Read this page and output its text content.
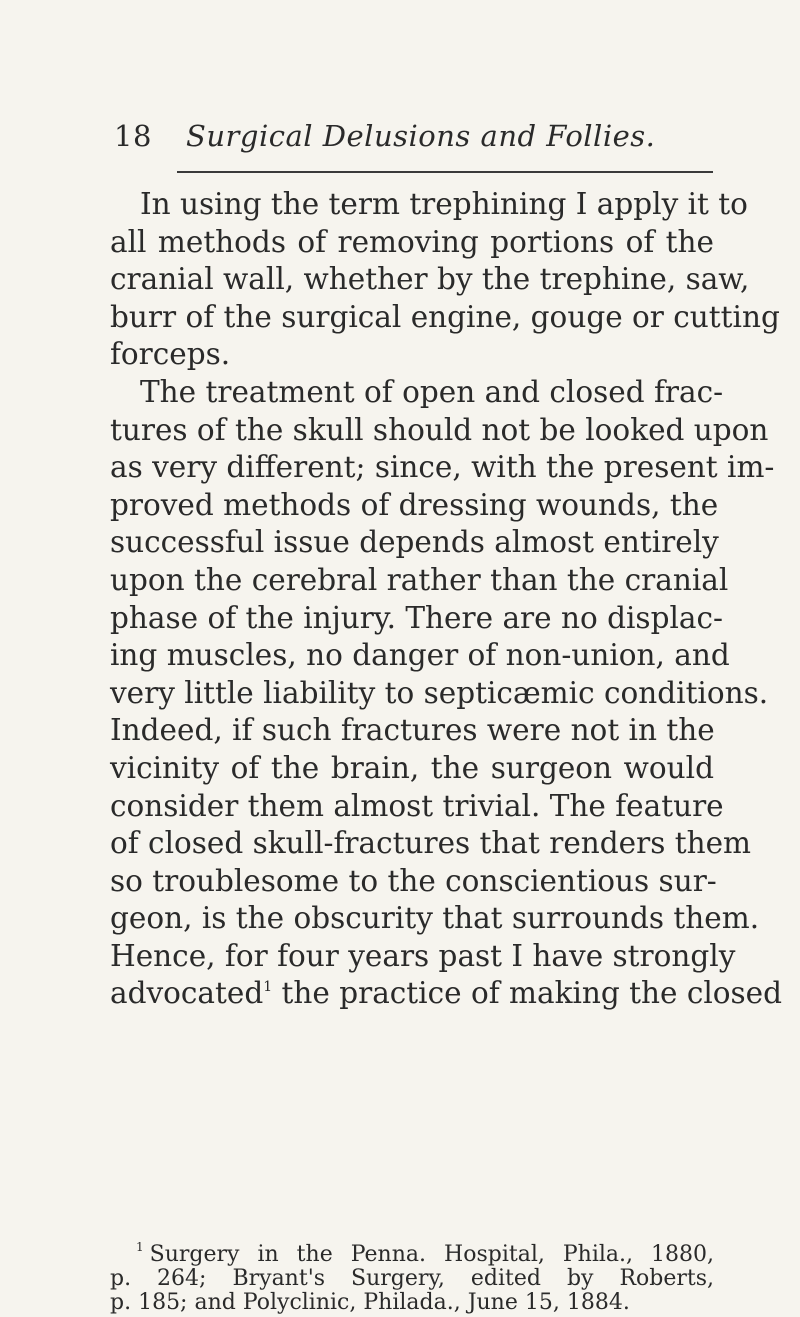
18 Surgical Delusions and Follies.
In using the term trephining I apply it to
all methods of removing portions of the
cranial wall, whether by the trephine, saw,
burr of the surgical engine, gouge or cutting
forceps.
The treatment of open and closed frac-
tures of the skull should not be looked upon
as very different; since, with the present im-
proved methods of dressing wounds, the
successful issue depends almost entirely
upon the cerebral rather than the cranial
phase of the injury. There are no displac-
ing muscles, no danger of non-union, and
very little liability to septicæmic conditions.
Indeed, if such fractures were not in the
vicinity of the brain, the surgeon would
consider them almost trivial. The feature
of closed skull-fractures that renders them
so troublesome to the conscientious sur-
geon, is the obscurity that surrounds them.
Hence, for four years past I have strongly
advocated$^1$ the practice of making the closed
$^1$ Surgery in the Penna. Hospital, Phila., 1880,
p. 264; Bryant's Surgery, edited by Roberts,
p. 185; and Polyclinic, Philada., June 15, 1884.
